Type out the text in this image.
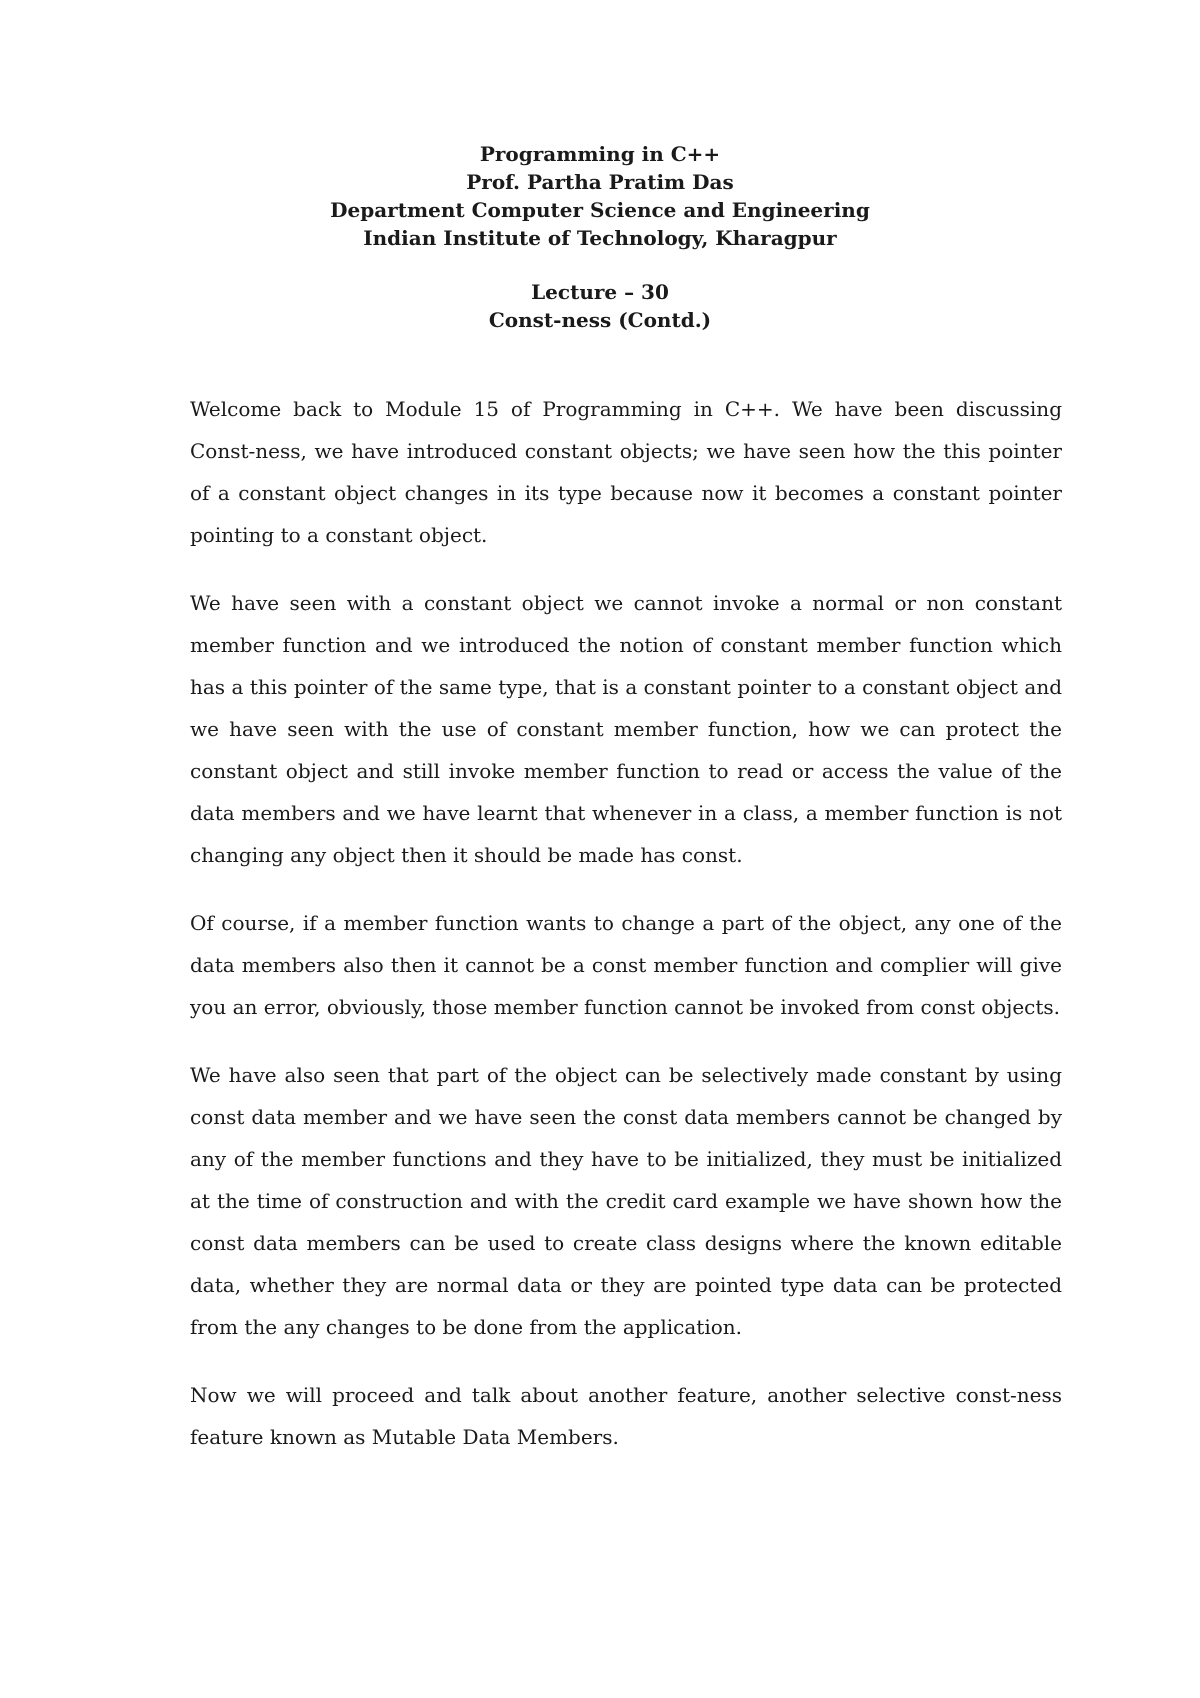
Programming in C++
Prof. Partha Pratim Das
Department Computer Science and Engineering
Indian Institute of Technology, Kharagpur
Lecture – 30
Const-ness (Contd.)

Welcome back to Module 15 of Programming in C++. We have been discussing Const-ness, we have introduced constant objects; we have seen how the this pointer of a constant object changes in its type because now it becomes a constant pointer pointing to a constant object.

We have seen with a constant object we cannot invoke a normal or non constant member function and we introduced the notion of constant member function which has a this pointer of the same type, that is a constant pointer to a constant object and we have seen with the use of constant member function, how we can protect the constant object and still invoke member function to read or access the value of the data members and we have learnt that whenever in a class, a member function is not changing any object then it should be made has const.

Of course, if a member function wants to change a part of the object, any one of the data members also then it cannot be a const member function and complier will give you an error, obviously, those member function cannot be invoked from const objects.

We have also seen that part of the object can be selectively made constant by using const data member and we have seen the const data members cannot be changed by any of the member functions and they have to be initialized, they must be initialized at the time of construction and with the credit card example we have shown how the const data members can be used to create class designs where the known editable data, whether they are normal data or they are pointed type data can be protected from the any changes to be done from the application.

Now we will proceed and talk about another feature, another selective const-ness feature known as Mutable Data Members.
